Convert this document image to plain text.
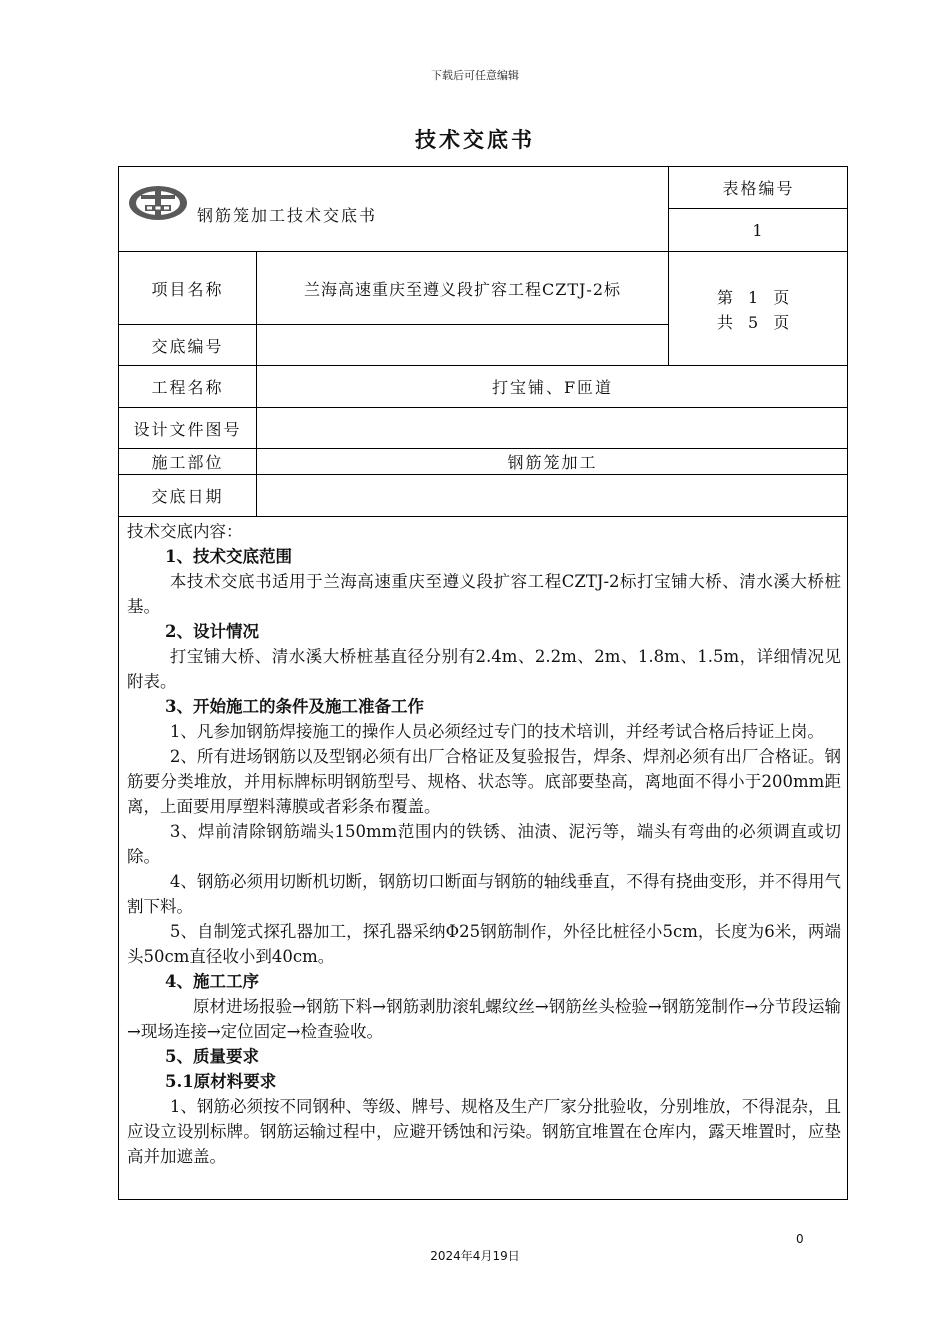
下载后可任意编辑
技术交底书
钢筋笼加工技术交底书
表格编号
1
项目名称	兰海高速重庆至遵义段扩容工程CZTJ-2标	第 1 页
共 5 页
交底编号
工程名称	打宝铺、F匝道
设计文件图号
施工部位	钢筋笼加工
交底日期

技术交底内容：

1、技术交底范围

本技术交底书适用于兰海高速重庆至遵义段扩容工程CZTJ-2标打宝铺大桥、清水溪大桥桩基。

2、设计情况

打宝铺大桥、清水溪大桥桩基直径分别有2.4m、2.2m、2m、1.8m、1.5m，详细情况见附表。

3、开始施工的条件及施工准备工作

1、凡参加钢筋焊接施工的操作人员必须经过专门的技术培训，并经考试合格后持证上岗。

2、所有进场钢筋以及型钢必须有出厂合格证及复验报告，焊条、焊剂必须有出厂合格证。钢筋要分类堆放，并用标牌标明钢筋型号、规格、状态等。底部要垫高，离地面不得小于200mm距离，上面要用厚塑料薄膜或者彩条布覆盖。

3、焊前清除钢筋端头150mm范围内的铁锈、油渍、泥污等，端头有弯曲的必须调直或切除。

4、钢筋必须用切断机切断，钢筋切口断面与钢筋的轴线垂直，不得有挠曲变形，并不得用气割下料。

5、自制笼式探孔器加工，探孔器采纳Φ25钢筋制作，外径比桩径小5cm，长度为6米，两端头50cm直径收小到40cm。

4、施工工序

原材进场报验→钢筋下料→钢筋剥肋滚轧螺纹丝→钢筋丝头检验→钢筋笼制作→分节段运输→现场连接→定位固定→检查验收。

5、质量要求

5.1原材料要求

1、钢筋必须按不同钢种、等级、牌号、规格及生产厂家分批验收，分别堆放，不得混杂，且应设立设别标牌。钢筋运输过程中，应避开锈蚀和污染。钢筋宜堆置在仓库内，露天堆置时，应垫高并加遮盖。

0
2024年4月19日
